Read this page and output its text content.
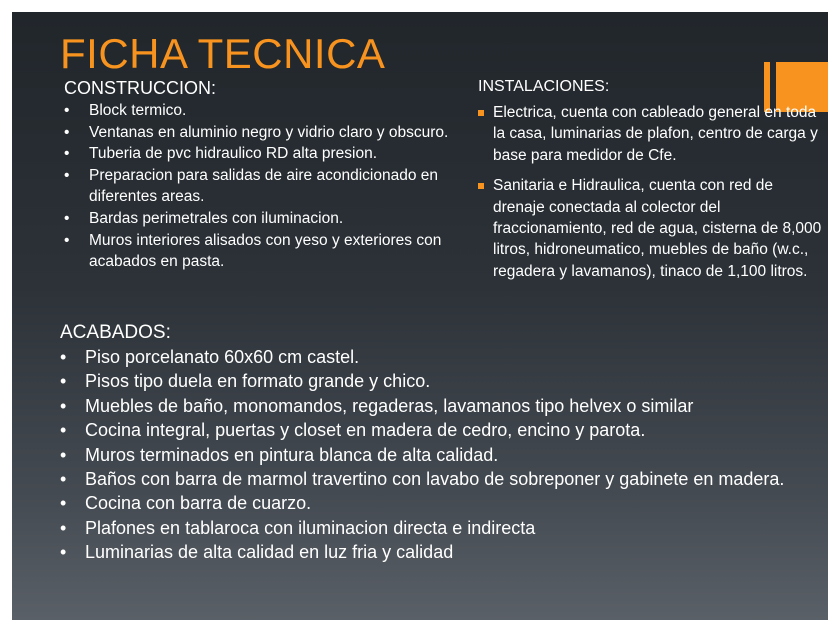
FICHA TECNICA
CONSTRUCCION:
• Block termico.
• Ventanas en aluminio negro y vidrio claro y obscuro.
• Tuberia de pvc hidraulico RD alta presion.
• Preparacion para salidas de aire acondicionado en diferentes areas.
• Bardas perimetrales con iluminacion.
• Muros interiores alisados con yeso y exteriores con acabados en pasta.
INSTALACIONES:
Electrica, cuenta con cableado general en toda la casa, luminarias de plafon, centro de carga y base para medidor de Cfe.
Sanitaria e Hidraulica, cuenta con red de drenaje conectada al colector del fraccionamiento, red de agua, cisterna de 8,000 litros, hidroneumatico, muebles de baño (w.c., regadera y lavamanos), tinaco de 1,100 litros.
ACABADOS:
• Piso porcelanato 60x60 cm castel.
• Pisos tipo duela en formato grande y chico.
• Muebles de baño, monomandos, regaderas, lavamanos tipo helvex o similar
• Cocina integral, puertas y closet en madera de cedro, encino y parota.
• Muros terminados en pintura blanca de alta calidad.
• Baños con barra de marmol travertino con lavabo de sobreponer y gabinete en madera.
• Cocina con barra de cuarzo.
• Plafones en tablaroca con iluminacion directa e indirecta
• Luminarias de alta calidad en luz fria y calidad
